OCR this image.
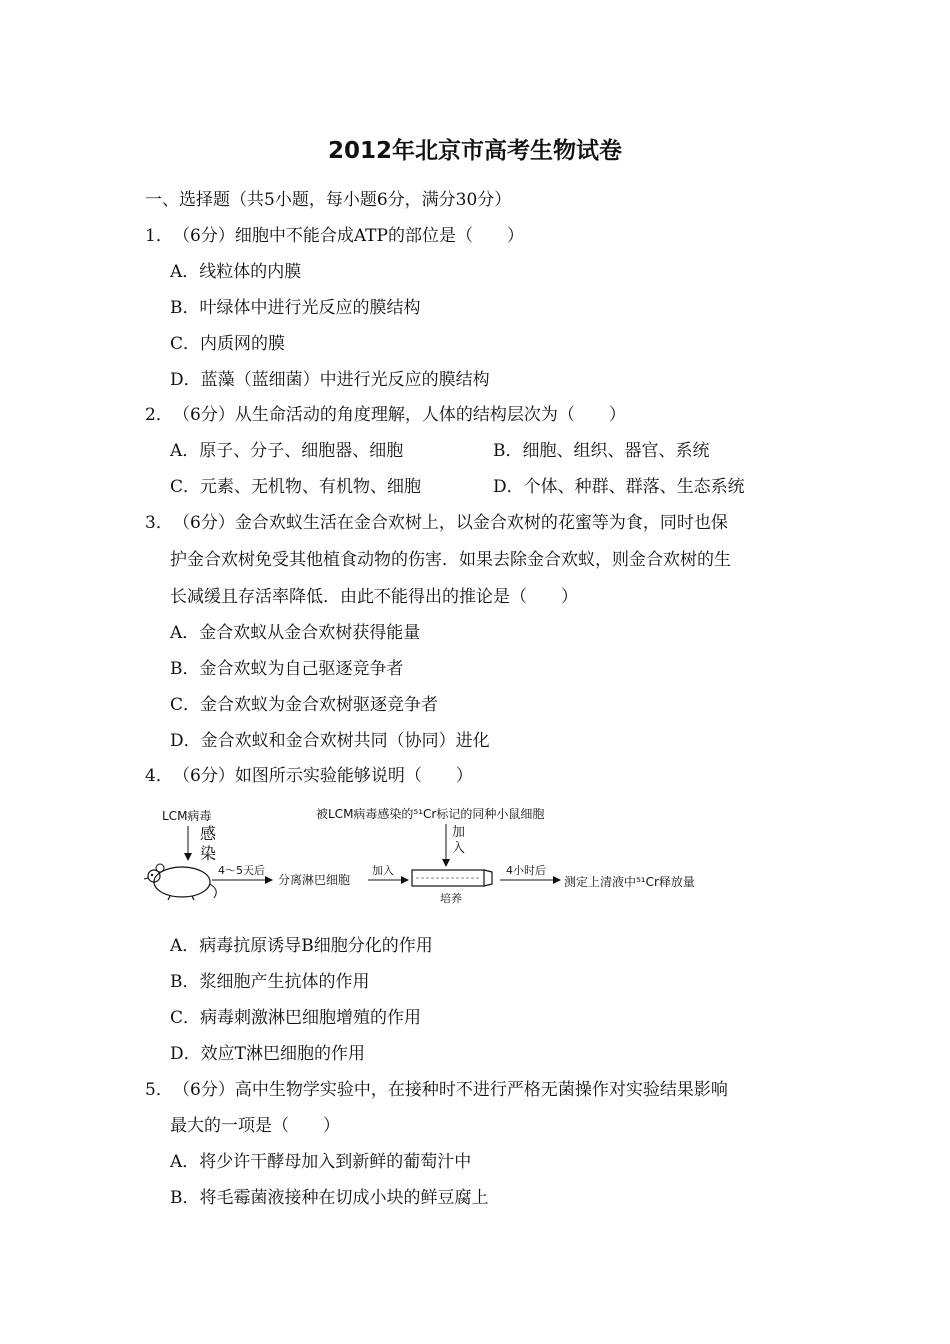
2012年北京市高考生物试卷
一、选择题（共5小题，每小题6分，满分30分）
1．（6分）细胞中不能合成ATP的部位是（　　）
A．线粒体的内膜
B．叶绿体中进行光反应的膜结构
C．内质网的膜
D．蓝藻（蓝细菌）中进行光反应的膜结构
2．（6分）从生命活动的角度理解，人体的结构层次为（　　）
A．原子、分子、细胞器、细胞	B．细胞、组织、器官、系统
C．元素、无机物、有机物、细胞	D．个体、种群、群落、生态系统
3．（6分）金合欢蚁生活在金合欢树上，以金合欢树的花蜜等为食，同时也保
护金合欢树免受其他植食动物的伤害．如果去除金合欢蚁，则金合欢树的生
长减缓且存活率降低．由此不能得出的推论是（　　）
A．金合欢蚁从金合欢树获得能量
B．金合欢蚁为自己驱逐竞争者
C．金合欢蚁为金合欢树驱逐竞争者
D．金合欢蚁和金合欢树共同（协同）进化
4．（6分）如图所示实验能够说明（　　）
LCM病毒
感
染
4～5天后
分离淋巴细胞
加入
被LCM病毒感染的⁵¹Cr标记的同种小鼠细胞
加
入
培养
4小时后
测定上清液中⁵¹Cr释放量
A．病毒抗原诱导B细胞分化的作用
B．浆细胞产生抗体的作用
C．病毒刺激淋巴细胞增殖的作用
D．效应T淋巴细胞的作用
5．（6分）高中生物学实验中，在接种时不进行严格无菌操作对实验结果影响
最大的一项是（　　）
A．将少许干酵母加入到新鲜的葡萄汁中
B．将毛霉菌液接种在切成小块的鲜豆腐上
